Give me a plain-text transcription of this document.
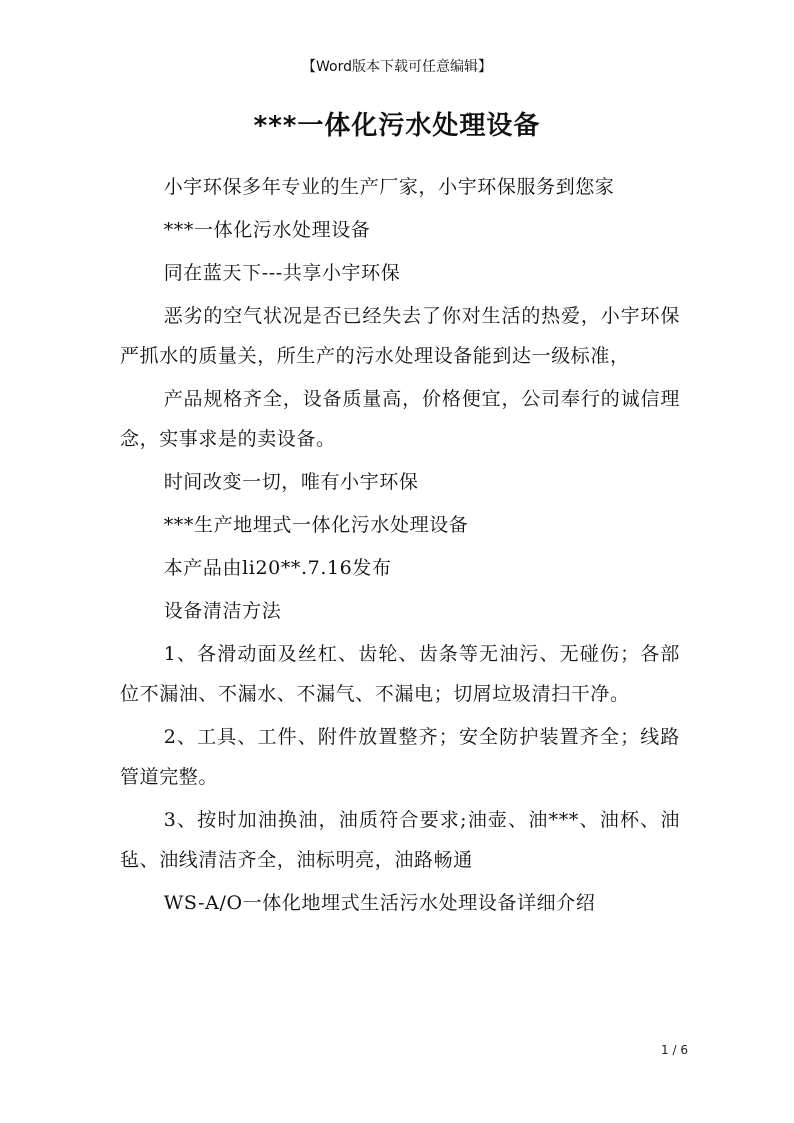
【Word版本下载可任意编辑】
***一体化污水处理设备

小宇环保多年专业的生产厂家，小宇环保服务到您家

***一体化污水处理设备

同在蓝天下---共享小宇环保

恶劣的空气状况是否已经失去了你对生活的热爱，小宇环保严抓水的质量关，所生产的污水处理设备能到达一级标准，

产品规格齐全，设备质量高，价格便宜，公司奉行的诚信理念，实事求是的卖设备。

时间改变一切，唯有小宇环保

***生产地埋式一体化污水处理设备

本产品由li20**.7.16发布

设备清洁方法

1、各滑动面及丝杠、齿轮、齿条等无油污、无碰伤；各部位不漏油、不漏水、不漏气、不漏电；切屑垃圾清扫干净。

2、工具、工件、附件放置整齐；安全防护装置齐全；线路管道完整。

3、按时加油换油，油质符合要求;油壶、油***、油杯、油毡、油线清洁齐全，油标明亮，油路畅通

WS-A/O一体化地埋式生活污水处理设备详细介绍

1 / 6
